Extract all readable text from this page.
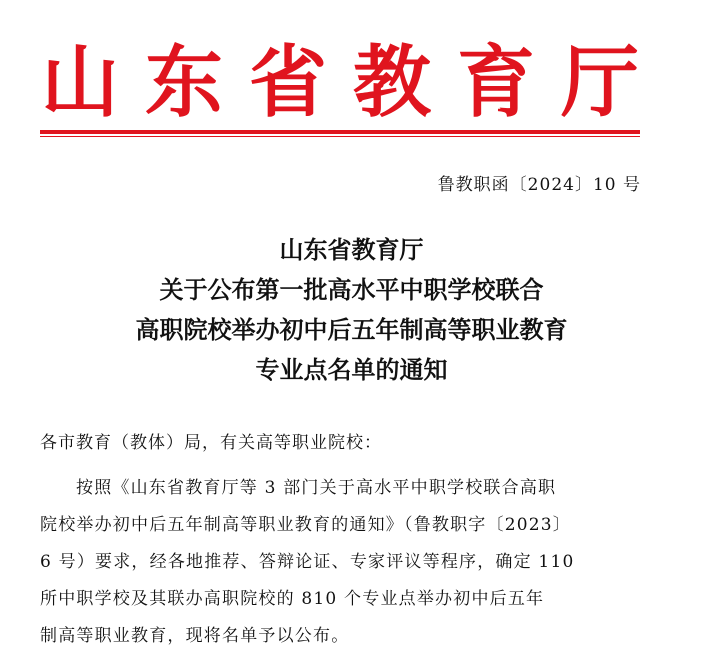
山 东 省 教 育 厅
鲁教职函〔2024〕10 号
山东省教育厅
关于公布第一批高水平中职学校联合
高职院校举办初中后五年制高等职业教育
专业点名单的通知
各市教育（教体）局，有关高等职业院校：
按照《山东省教育厅等 3 部门关于高水平中职学校联合高职
院校举办初中后五年制高等职业教育的通知》（鲁教职字〔2023〕
6 号）要求，经各地推荐、答辩论证、专家评议等程序，确定 110
所中职学校及其联办高职院校的 810 个专业点举办初中后五年
制高等职业教育，现将名单予以公布。
